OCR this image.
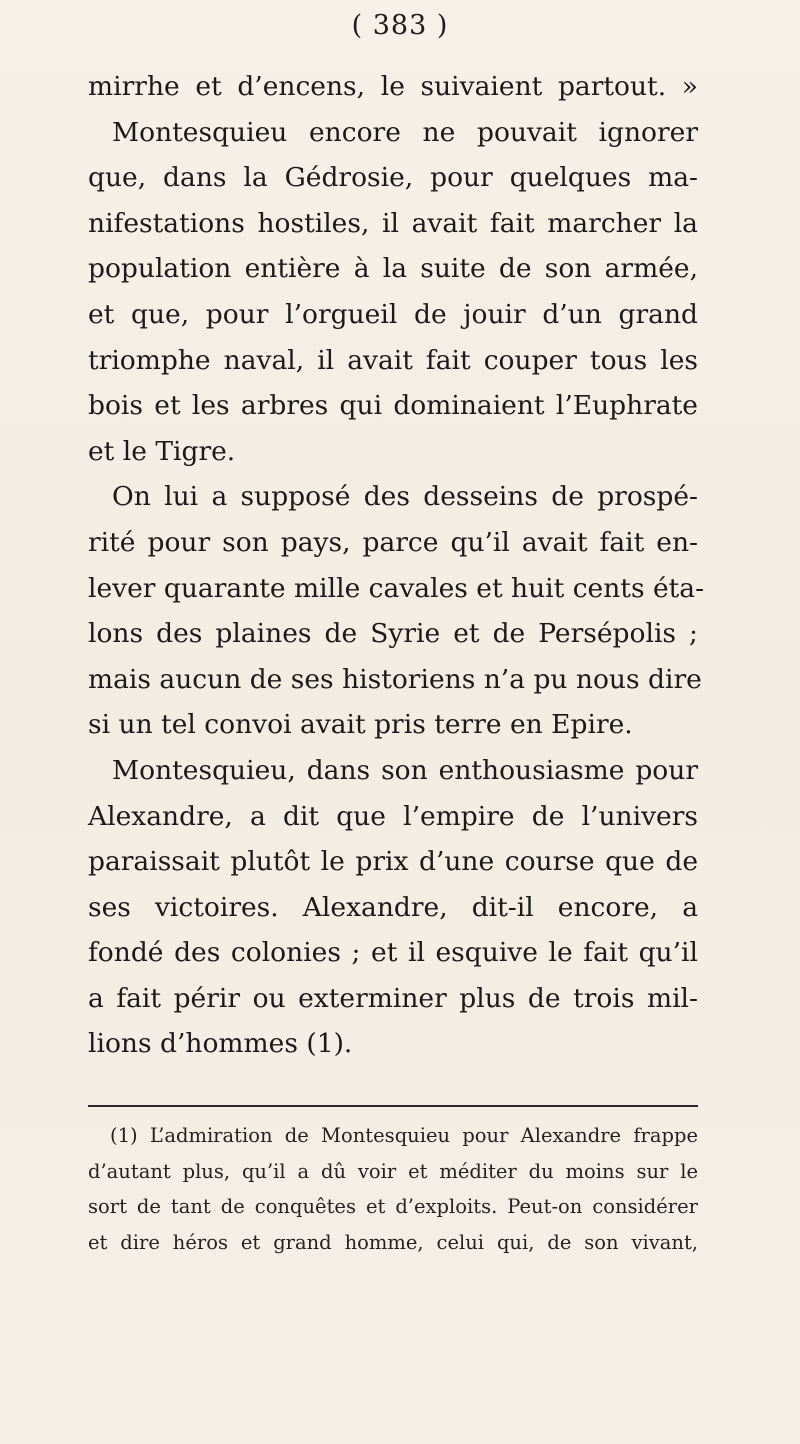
( 383 )
mirrhe et d’encens, le suivaient partout. »
Montesquieu encore ne pouvait ignorer
que, dans la Gédrosie, pour quelques ma-
nifestations hostiles, il avait fait marcher la
population entière à la suite de son armée,
et que, pour l’orgueil de jouir d’un grand
triomphe naval, il avait fait couper tous les
bois et les arbres qui dominaient l’Euphrate
et le Tigre.
On lui a supposé des desseins de prospé-
rité pour son pays, parce qu’il avait fait en-
lever quarante mille cavales et huit cents éta-
lons des plaines de Syrie et de Persépolis ;
mais aucun de ses historiens n’a pu nous dire
si un tel convoi avait pris terre en Epire.
Montesquieu, dans son enthousiasme pour
Alexandre, a dit que l’empire de l’univers
paraissait plutôt le prix d’une course que de
ses victoires. Alexandre, dit-il encore, a
fondé des colonies ; et il esquive le fait qu’il
a fait périr ou exterminer plus de trois mil-
lions d’hommes (1).
(1) L’admiration de Montesquieu pour Alexandre frappe
d’autant plus, qu’il a dû voir et méditer du moins sur le
sort de tant de conquêtes et d’exploits. Peut-on considérer
et dire héros et grand homme, celui qui, de son vivant,
